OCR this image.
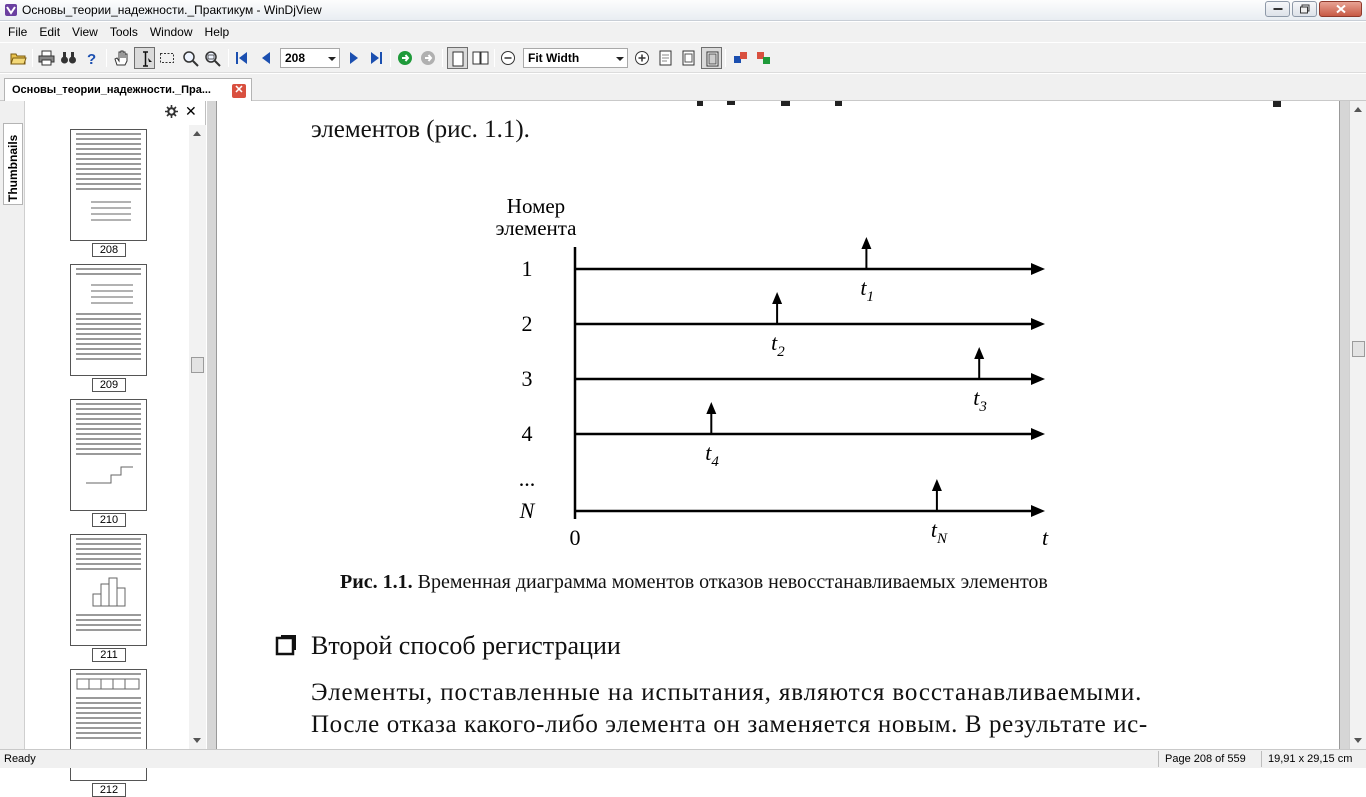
Основы_теории_надежности._Практикум - WinDjView
File	Edit	View	Tools	Window	Help
?	208	Fit Width
Основы_теории_надежности._Пра... ✕
Thumbnails
✕
208
209
210
211
212
элементов (рис. 1.1).
Номер
элемента
1
2
3
4
...
N
$t_1$
$t_2$
$t_3$
$t_4$
$t_N$
0	t
Рис. 1.1. Временная диаграмма моментов отказов невосстанавливаемых элементов
Второй способ регистрации
Элементы, поставленные на испытания, являются восстанавливаемыми.
После отказа какого-либо элемента он заменяется новым. В результате ис-
Ready	Page 208 of 559	19,91 x 29,15 cm
